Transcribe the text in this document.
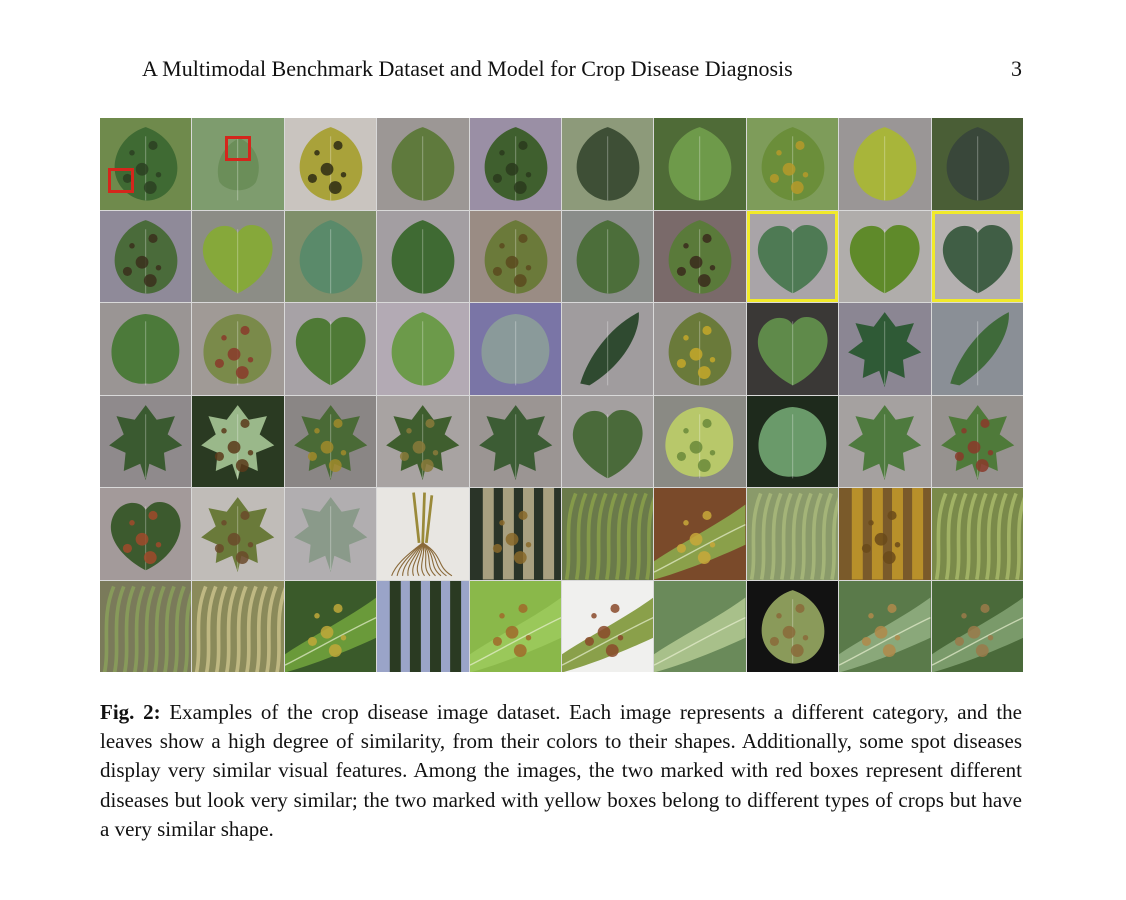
A Multimodal Benchmark Dataset and Model for Crop Disease Diagnosis	3

Fig. 2: Examples of the crop disease image dataset. Each image represents a different category, and the leaves show a high degree of similarity, from their colors to their shapes. Additionally, some spot diseases display very similar visual features. Among the images, the two marked with red boxes represent different diseases but look very similar; the two marked with yellow boxes belong to different types of crops but have a very similar shape.
